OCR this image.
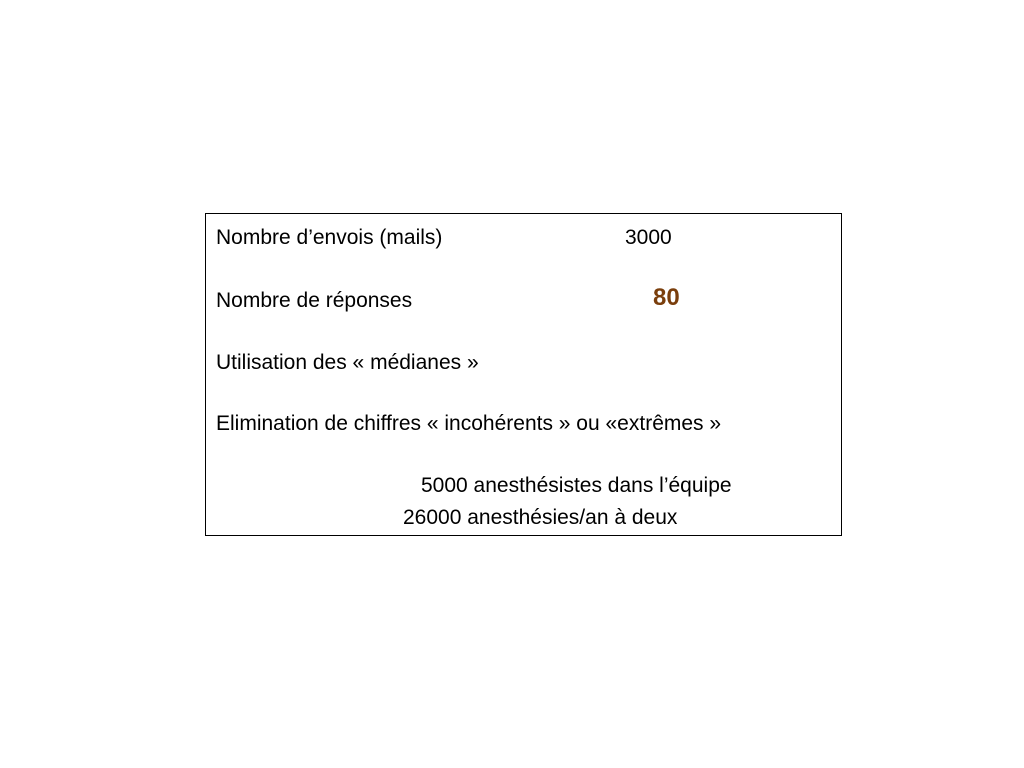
Nombre d’envois (mails)	3000
Nombre de réponses	80
Utilisation des « médianes »
Elimination de chiffres « incohérents » ou «extrêmes »
5000 anesthésistes dans l’équipe
26000 anesthésies/an à deux
